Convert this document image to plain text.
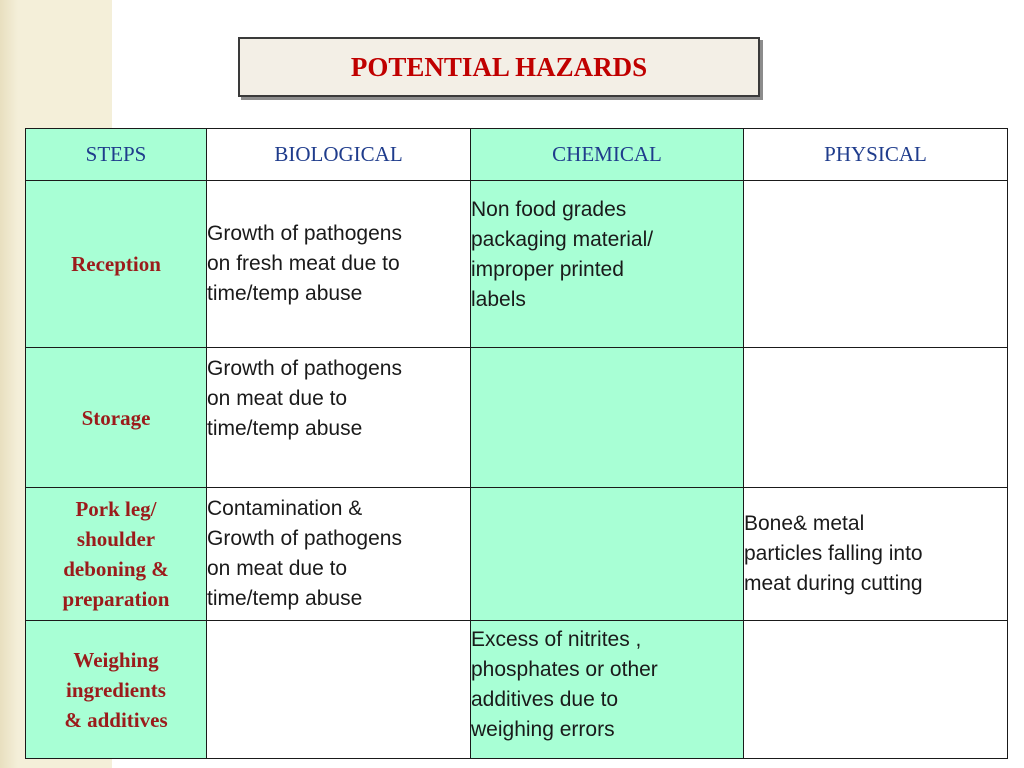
POTENTIAL HAZARDS
STEPS	BIOLOGICAL	CHEMICAL	PHYSICAL

Reception	Growth of pathogens
on fresh meat due to
time/temp abuse	Non food grades
packaging material/
improper printed
labels	

Storage	Growth of pathogens
on meat due to
time/temp abuse		

Pork leg/
shoulder
deboning &
preparation	Contamination &
Growth of pathogens
on meat due to
time/temp abuse		Bone& metal
particles falling into
meat during cutting

Weighing
ingredients
& additives		Excess of nitrites ,
phosphates or other
additives due to
weighing errors	
